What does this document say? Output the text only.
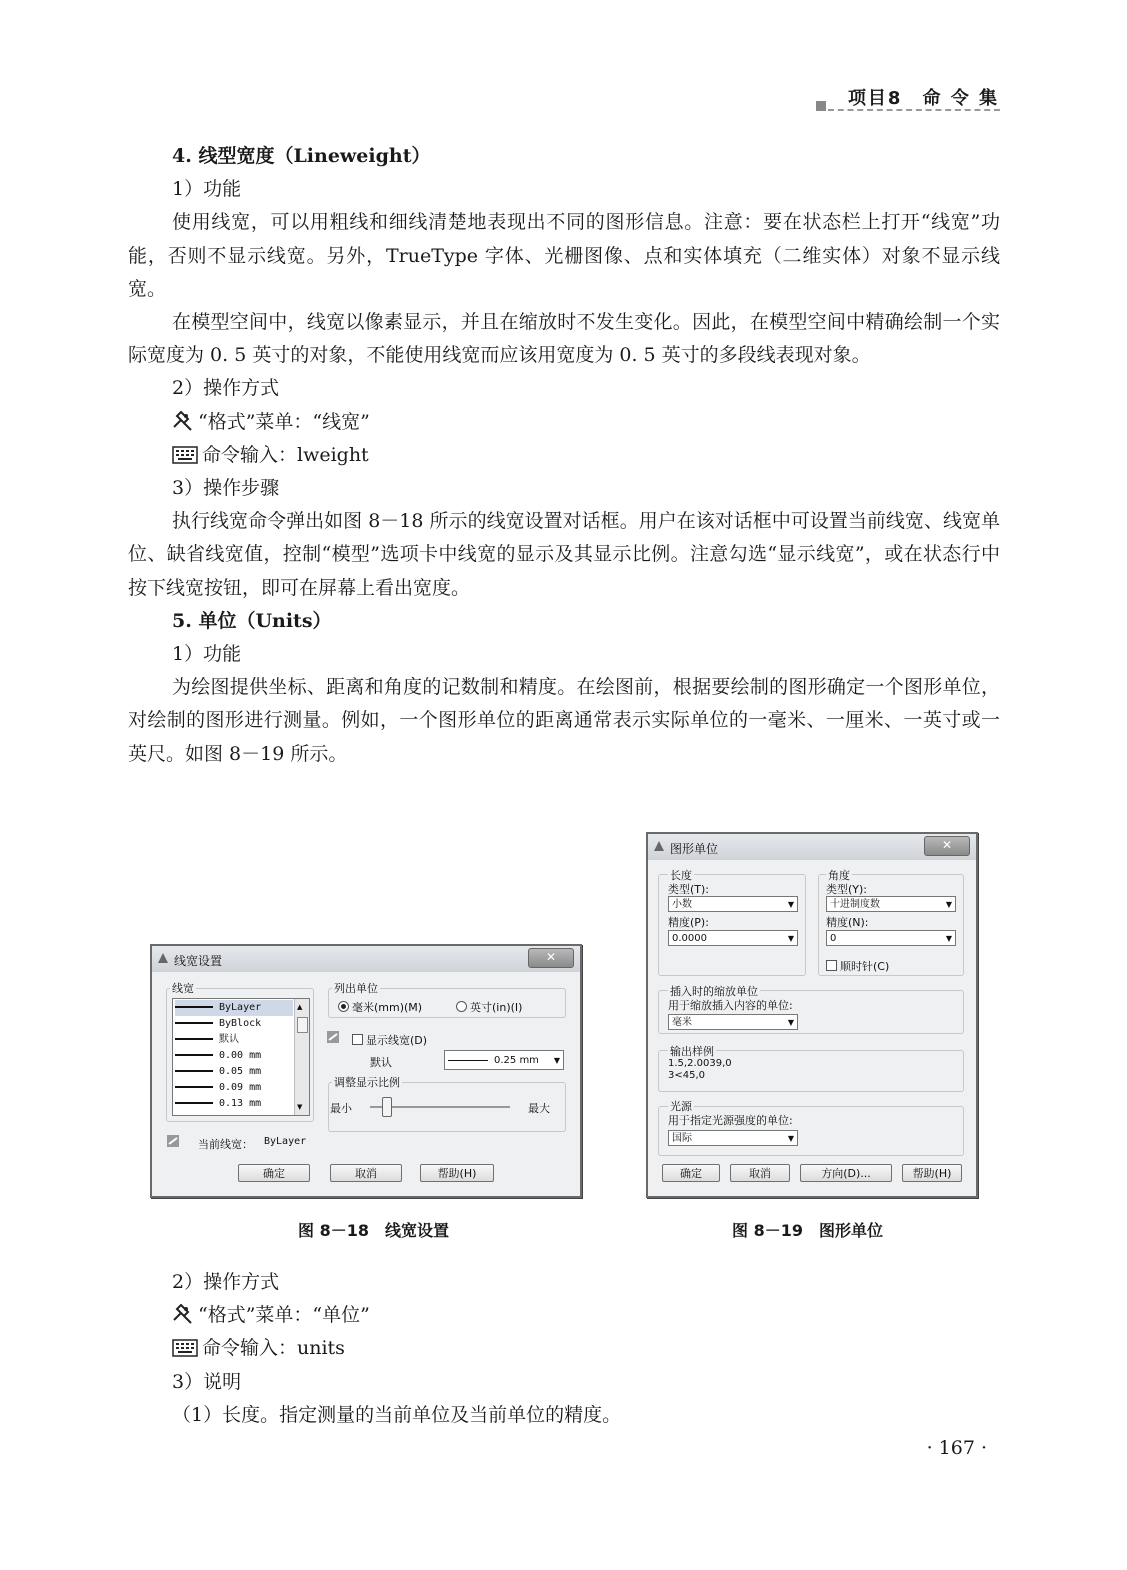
项目8　命 令 集

4. 线型宽度（Lineweight）

1）功能

使用线宽，可以用粗线和细线清楚地表现出不同的图形信息。注意：要在状态栏上打开“线宽”功能，否则不显示线宽。另外，TrueType 字体、光栅图像、点和实体填充（二维实体）对象不显示线宽。

在模型空间中，线宽以像素显示，并且在缩放时不发生变化。因此，在模型空间中精确绘制一个实际宽度为 0. 5 英寸的对象，不能使用线宽而应该用宽度为 0. 5 英寸的多段线表现对象。

2）操作方式

“格式”菜单：“线宽”

命令输入：lweight

3）操作步骤

执行线宽命令弹出如图 8－18 所示的线宽设置对话框。用户在该对话框中可设置当前线宽、线宽单位、缺省线宽值，控制“模型”选项卡中线宽的显示及其显示比例。注意勾选“显示线宽”，或在状态行中按下线宽按钮，即可在屏幕上看出宽度。

5. 单位（Units）

1）功能

为绘图提供坐标、距离和角度的记数制和精度。在绘图前，根据要绘制的图形确定一个图形单位，对绘制的图形进行测量。例如，一个图形单位的距离通常表示实际单位的一毫米、一厘米、一英寸或一英尺。如图 8－19 所示。

线宽设置	✕
线宽
ByLayer
ByBlock
默认
0.00 mm
0.05 mm
0.09 mm
0.13 mm
▲
▼
列出单位
毫米(mm)(M)	英寸(in)(I)
显示线宽(D)
默认	0.25 mm ▼
调整显示比例
最小	最大
当前线宽： ByLayer
确定	取消	帮助(H)
图形单位	✕
长度
类型(T):
小数	▼
精度(P):
0.0000	▼
角度
类型(Y):
十进制度数	▼
精度(N):
0	▼
顺时针(C)
插入时的缩放单位
用于缩放插入内容的单位:
毫米	▼
输出样例
1.5,2.0039,0
3<45,0
光源
用于指定光源强度的单位:
国际	▼
确定	取消	方向(D)...	帮助(H)
图 8－18　线宽设置	图 8－19　图形单位

2）操作方式

“格式”菜单：“单位”

命令输入：units

3）说明

（1）长度。指定测量的当前单位及当前单位的精度。

· 167 ·
